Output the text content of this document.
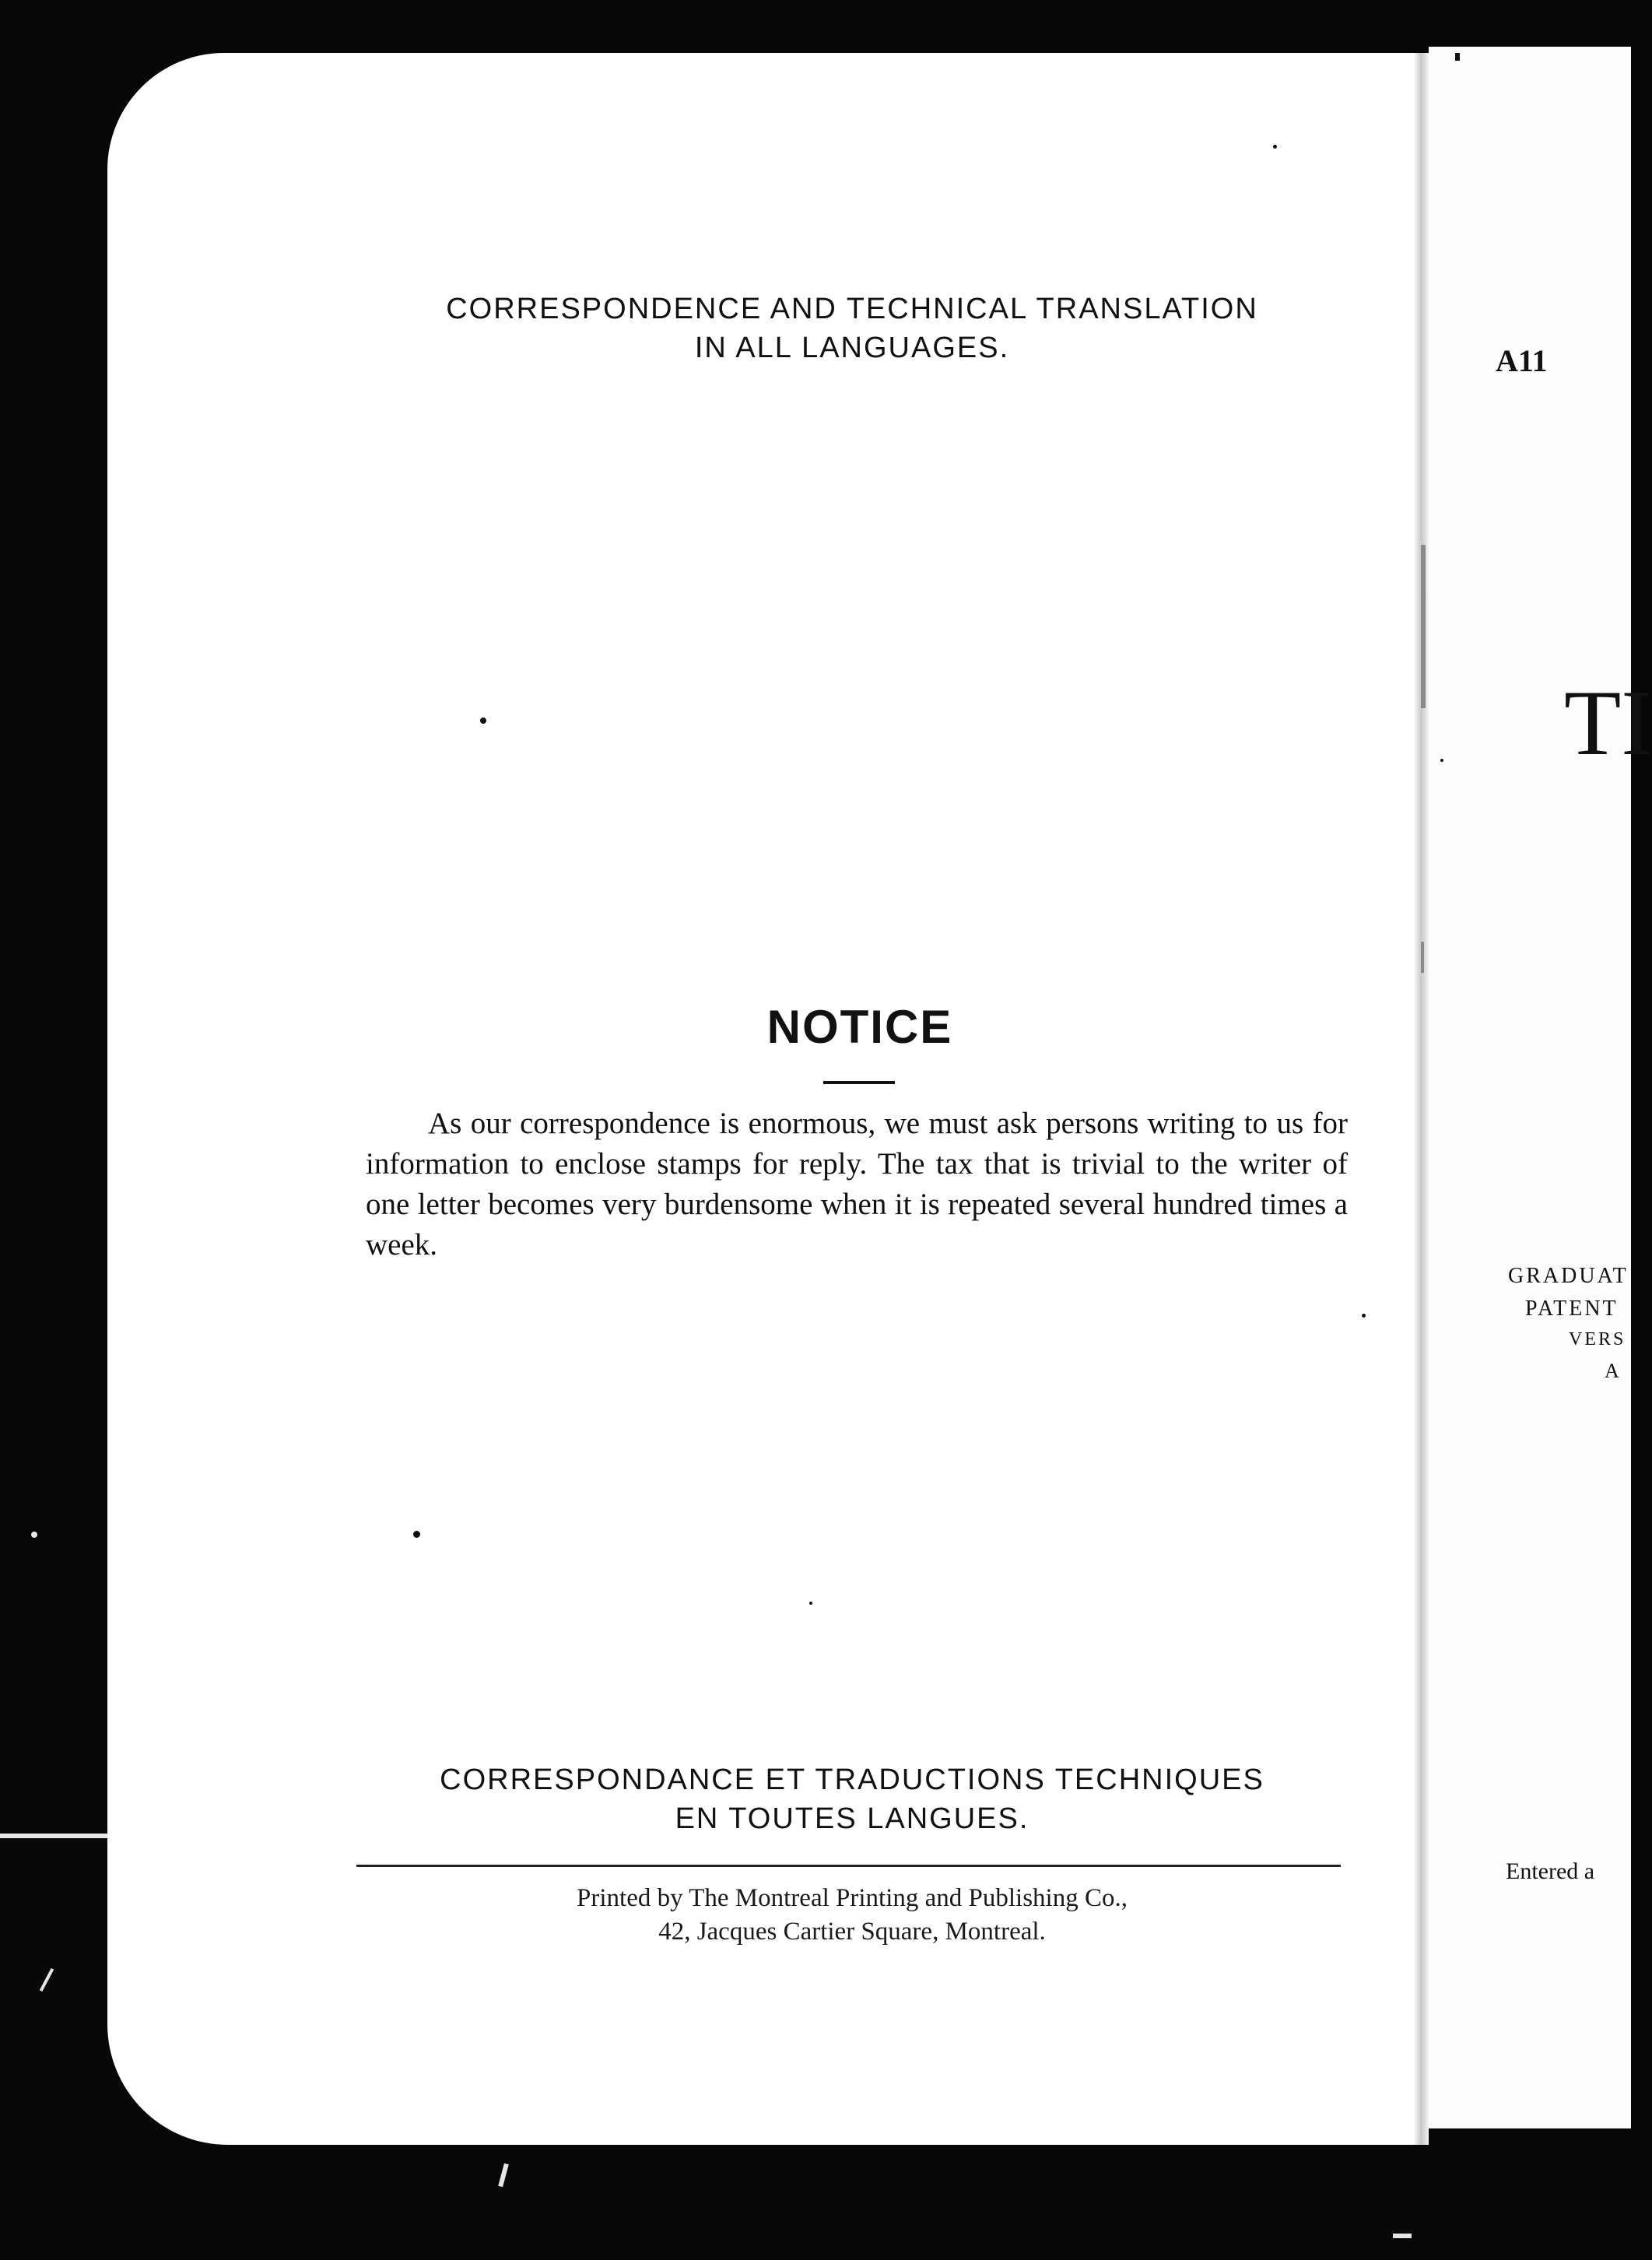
CORRESPONDENCE AND TECHNICAL TRANSLATION
IN ALL LANGUAGES.
NOTICE
As our correspondence is enormous, we must ask persons writing to us for information to enclose stamps for reply. The tax that is trivial to the writer of one letter becomes very burdensome when it is repeated several hundred times a week.
CORRESPONDANCE ET TRADUCTIONS TECHNIQUES
EN TOUTES LANGUES.
Printed by The Montreal Printing and Publishing Co.,
42, Jacques Cartier Square, Montreal.
A11
TI
GRADUAT
PATENT
VERS
A
Entered a
